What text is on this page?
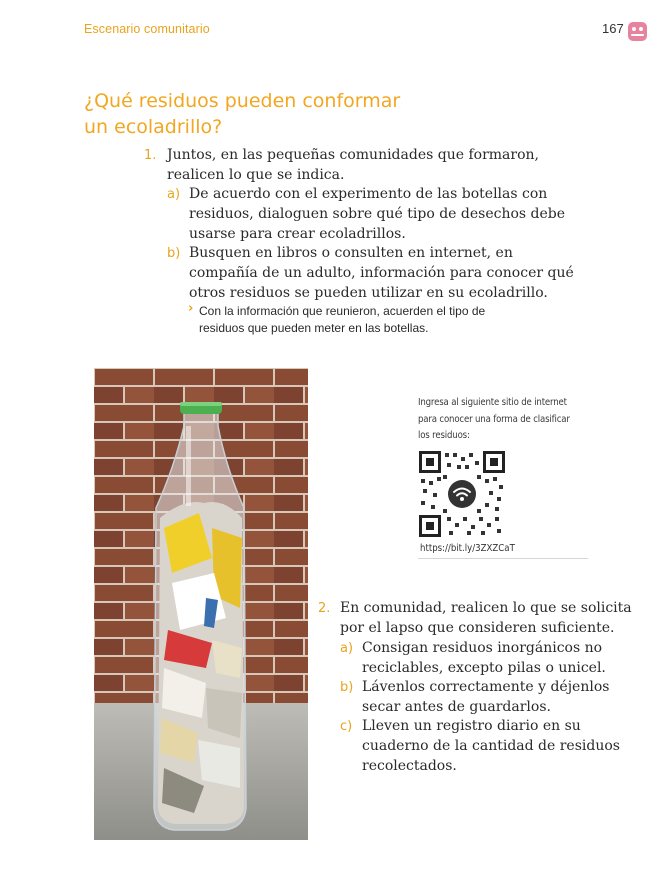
Escenario comunitario	167
¿Qué residuos pueden conformar
un ecoladrillo?
1. Juntos, en las pequeñas comunidades que formaron,
realicen lo que se indica.
a) De acuerdo con el experimento de las botellas con
residuos, dialoguen sobre qué tipo de desechos debe
usarse para crear ecoladrillos.
b) Busquen en libros o consulten en internet, en
compañía de un adulto, información para conocer qué
otros residuos se pueden utilizar en su ecoladrillo.
› Con la información que reunieron, acuerden el tipo de
residuos que pueden meter en las botellas.
Ingresa al siguiente sitio de internet
para conocer una forma de clasificar
los residuos:
https://bit.ly/3ZXZCaT
2. En comunidad, realicen lo que se solicita
por el lapso que consideren suficiente.
a) Consigan residuos inorgánicos no
reciclables, excepto pilas o unicel.
b) Lávenlos correctamente y déjenlos
secar antes de guardarlos.
c) Lleven un registro diario en su
cuaderno de la cantidad de residuos
recolectados.
